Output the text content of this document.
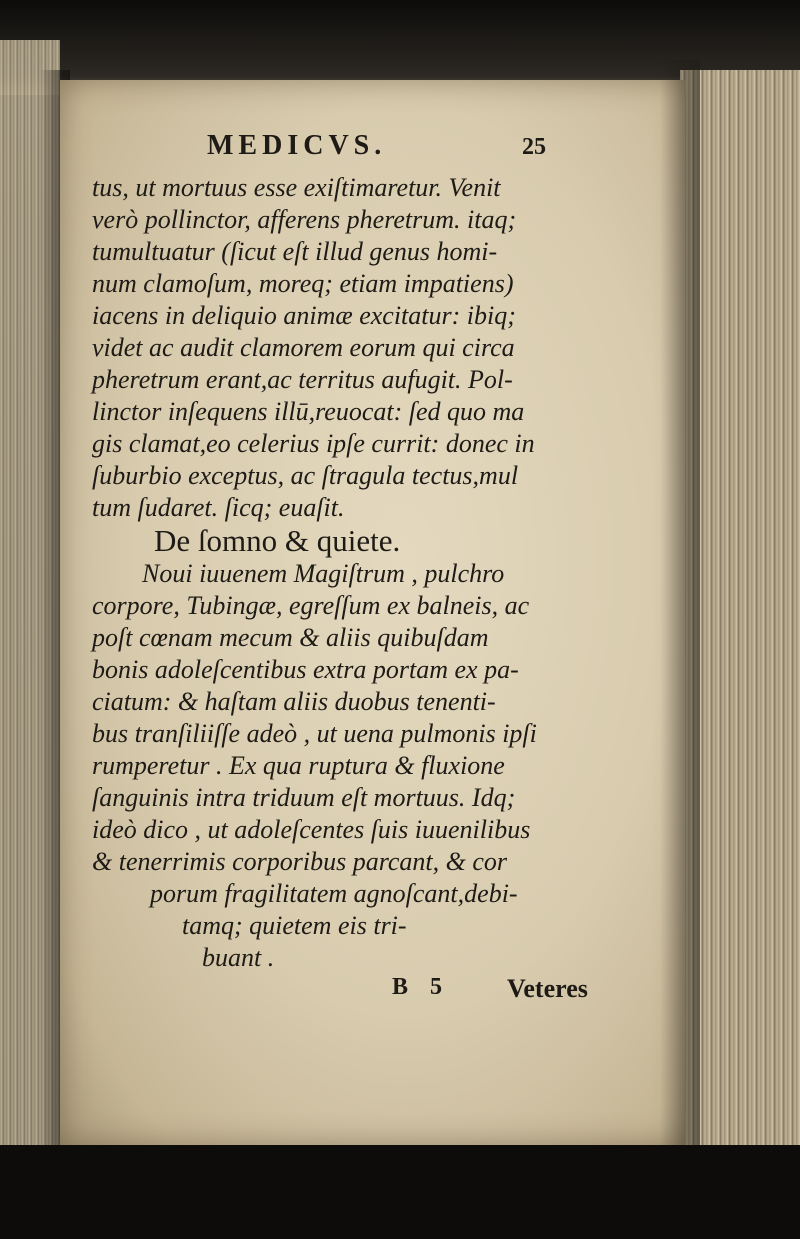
MEDICVS.	25
tus, ut mortuus esse exiſtimaretur. Venit
verò pollinctor, afferens pheretrum. itaq;
tumultuatur (ſicut eſt illud genus homi-
num clamoſum, moreq; etiam impatiens)
iacens in deliquio animæ excitatur: ibiq;
videt ac audit clamorem eorum qui circa
pheretrum erant,ac territus aufugit. Pol-
linctor inſequens illū,reuocat: ſed quo ma
gis clamat,eo celerius ipſe currit: donec in
ſuburbio exceptus, ac ſtragula tectus,mul
tum ſudaret. ſicq; euaſit.
De ſomno & quiete.
Noui iuuenem Magiſtrum , pulchro
corpore, Tubingæ, egreſſum ex balneis, ac
poſt cœnam mecum & aliis quibuſdam
bonis adoleſcentibus extra portam ex pa-
ciatum: & haſtam aliis duobus tenenti-
bus tranſiliiſſe adeò , ut uena pulmonis ipſi
rumperetur . Ex qua ruptura & fluxione
ſanguinis intra triduum eſt mortuus. Idq;
ideò dico , ut adoleſcentes ſuis iuuenilibus
& tenerrimis corporibus parcant, & cor
porum fragilitatem agnoſcant,debi-
tamq; quietem eis tri-
buant .
B 5 Veteres
